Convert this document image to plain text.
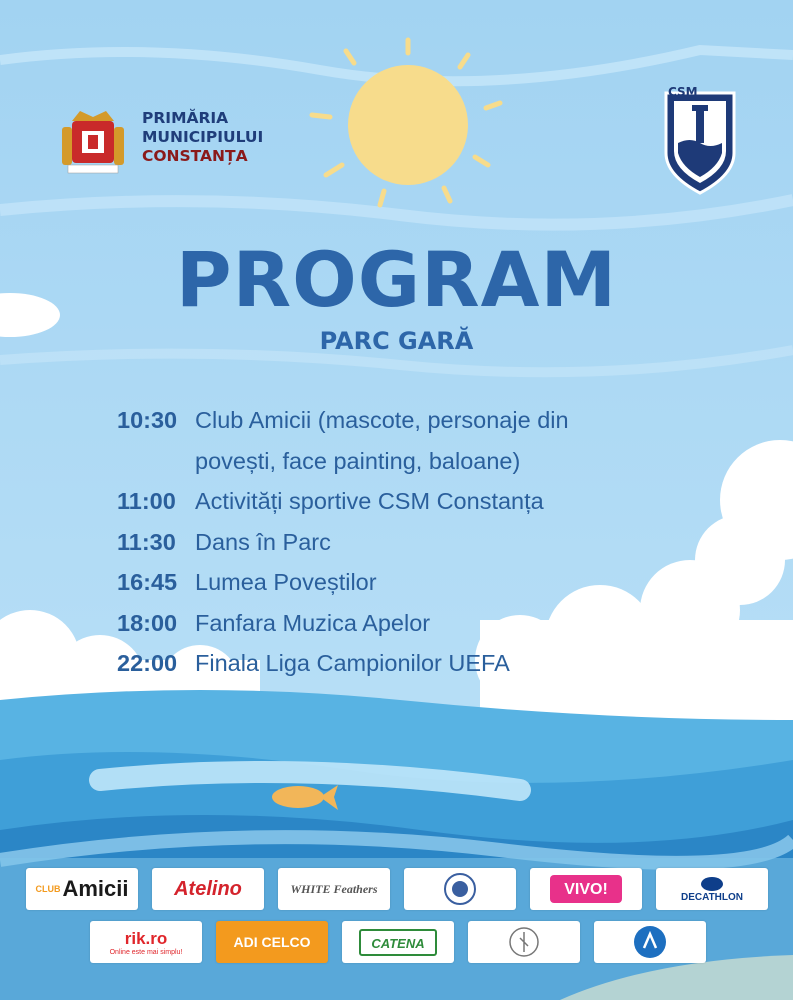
PRIMĂRIA
MUNICIPIULUI
CONSTANȚA
CSM
PROGRAM
PARC GARĂ
10:30 Club Amicii (mascote, personaje din
povești, face painting, baloane)
11:00 Activități sportive CSM Constanța
11:30 Dans în Parc
16:45 Lumea Poveștilor
18:00 Fanfara Muzica Apelor
22:00 Finala Liga Campionilor UEFA
CLUB Amicii Atelino	WHITE Feathers	VIVO!	DECATHLON
rik.ro
Online este mai simplu!
ADI CELCO	CATENA
